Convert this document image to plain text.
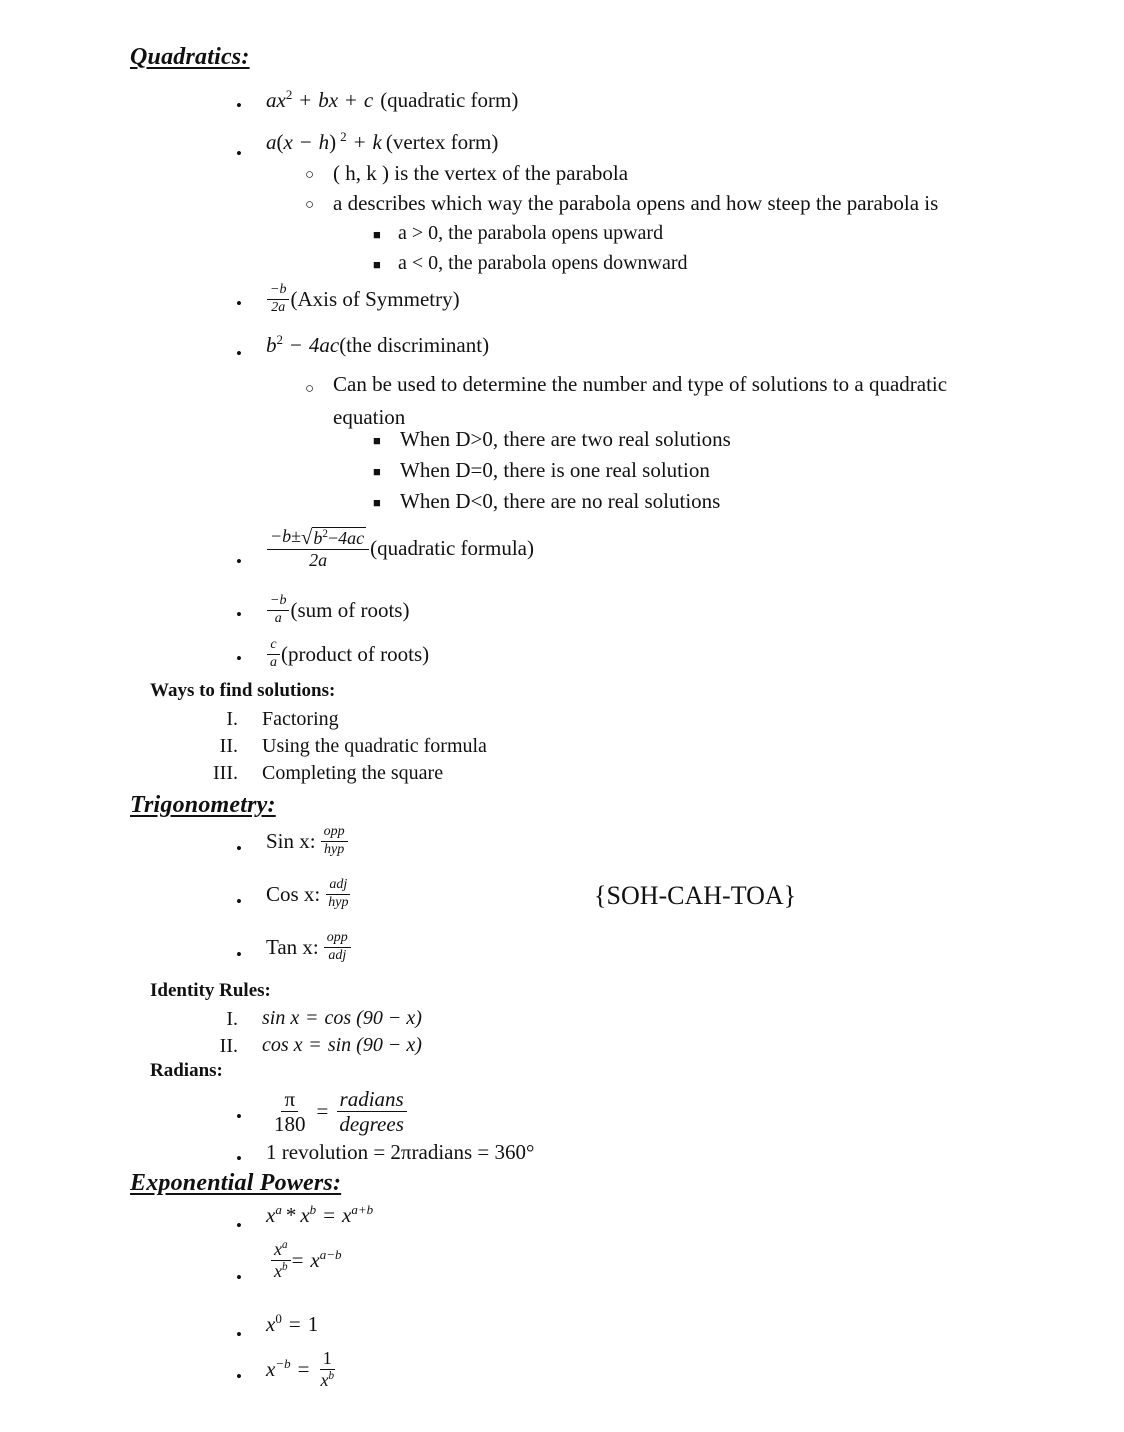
Quadratics:
• $ax^2$ + bx + c (quadratic form)
• a(x − h) $^2$ + k (vertex form)
○ ( h, k ) is the vertex of the parabola
○ a describes which way the parabola opens and how steep the parabola is
■ a > 0, the parabola opens upward
■ a < 0, the parabola opens downward
• $\frac{-b}{2a}$ (Axis of Symmetry)
• $b^2 - 4ac$ (the discriminant)
○ Can be used to determine the number and type of solutions to a quadratic equation
■ When D>0, there are two real solutions
■ When D=0, there is one real solution
■ When D<0, there are no real solutions
• $\frac{-b\pm √ b^2-4ac}{2a}$ (quadratic formula)
• $\frac{-b}{a} (sum$ of roots)
• $\frac{c}{a}$ (product of roots)
Ways to find solutions:
I. Factoring
II. Using the quadratic formula
III. Completing the square
Trigonometry:
• Sin x: $\frac{\text{opp}}{\text{hyp}}$
• Cos x: $\frac{\text{adj}}{\text{hyp}}$
• Tan x: $\frac{\text{opp}}{\text{adj}}$
{SOH-CAH-TOA}
Identity Rules:
I. sin x = cos (90 − x)
II. cos x = sin (90 − x)
Radians:
• $\frac{\pi}{180} = \frac{\text{radians}}{\text{degrees}}$
• 1 revolution = 2πradians = 360°
Exponential Powers:
• $x^a * x^b = x^{a+b}$
• $\frac{x^a}{x^b} = x^{a-b}$
• $x^0 = 1$
• $x^{-b} = \frac{1}{x^b}$
